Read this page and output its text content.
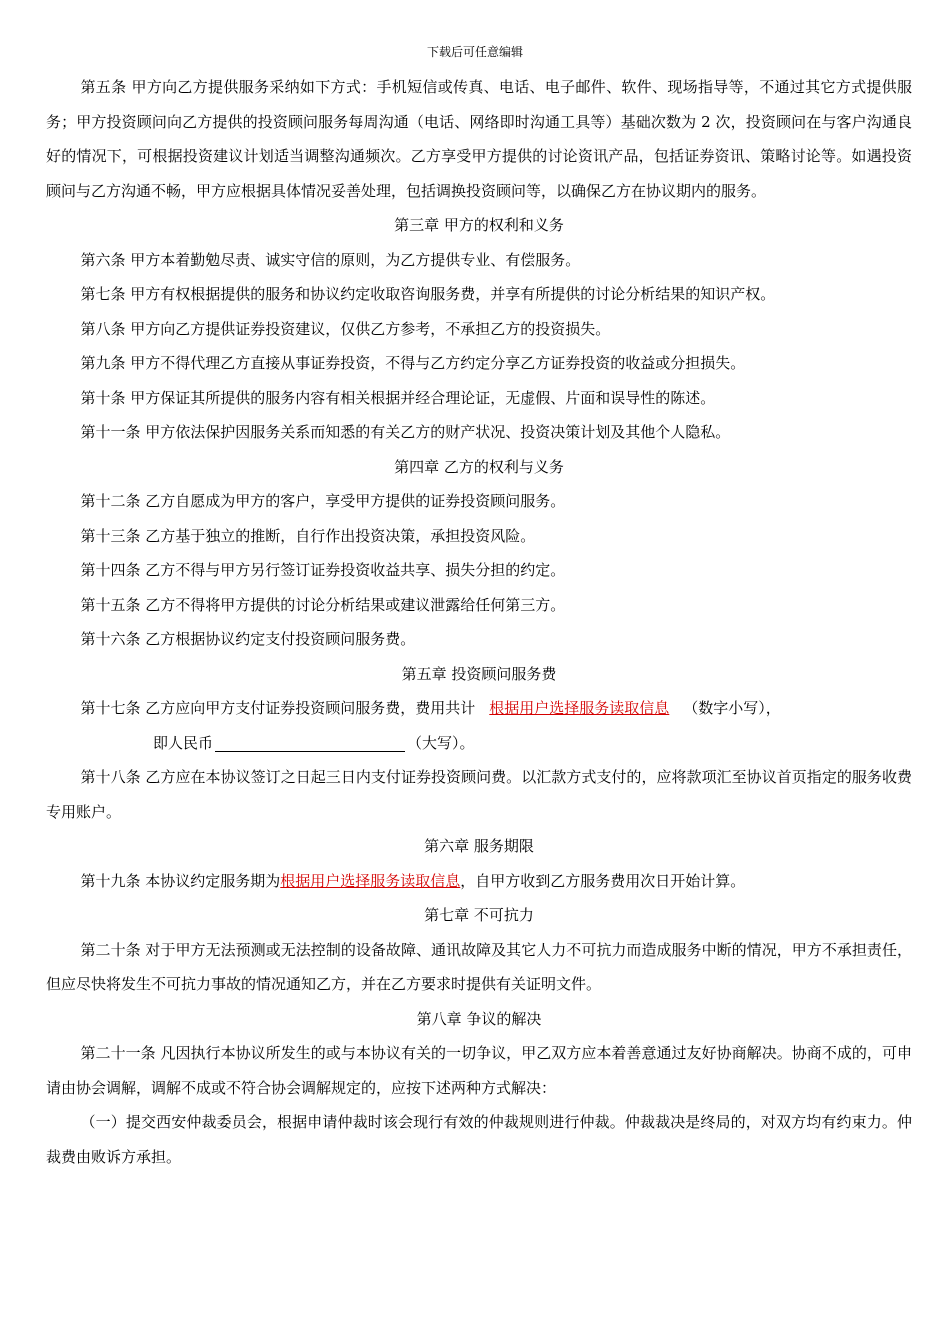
下载后可任意编辑

第五条 甲方向乙方提供服务采纳如下方式：手机短信或传真、电话、电子邮件、软件、现场指导等，不通过其它方式提供服务；甲方投资顾问向乙方提供的投资顾问服务每周沟通（电话、网络即时沟通工具等）基础次数为 2 次，投资顾问在与客户沟通良好的情况下，可根据投资建议计划适当调整沟通频次。乙方享受甲方提供的讨论资讯产品，包括证券资讯、策略讨论等。如遇投资顾问与乙方沟通不畅，甲方应根据具体情况妥善处理，包括调换投资顾问等，以确保乙方在协议期内的服务。

第三章 甲方的权利和义务

第六条 甲方本着勤勉尽责、诚实守信的原则，为乙方提供专业、有偿服务。

第七条 甲方有权根据提供的服务和协议约定收取咨询服务费，并享有所提供的讨论分析结果的知识产权。

第八条 甲方向乙方提供证券投资建议，仅供乙方参考，不承担乙方的投资损失。

第九条 甲方不得代理乙方直接从事证券投资，不得与乙方约定分享乙方证券投资的收益或分担损失。

第十条 甲方保证其所提供的服务内容有相关根据并经合理论证，无虚假、片面和误导性的陈述。

第十一条 甲方依法保护因服务关系而知悉的有关乙方的财产状况、投资决策计划及其他个人隐私。

第四章 乙方的权利与义务

第十二条 乙方自愿成为甲方的客户，享受甲方提供的证券投资顾问服务。

第十三条 乙方基于独立的推断，自行作出投资决策，承担投资风险。

第十四条 乙方不得与甲方另行签订证券投资收益共享、损失分担的约定。

第十五条 乙方不得将甲方提供的讨论分析结果或建议泄露给任何第三方。

第十六条 乙方根据协议约定支付投资顾问服务费。

第五章 投资顾问服务费

第十七条 乙方应向甲方支付证券投资顾问服务费，费用共计 根据用户选择服务读取信息 （数字小写），

即人民币	（大写）。

第十八条 乙方应在本协议签订之日起三日内支付证券投资顾问费。以汇款方式支付的，应将款项汇至协议首页指定的服务收费专用账户。

第六章 服务期限

第十九条 本协议约定服务期为根据用户选择服务读取信息，自甲方收到乙方服务费用次日开始计算。

第七章 不可抗力

第二十条 对于甲方无法预测或无法控制的设备故障、通讯故障及其它人力不可抗力而造成服务中断的情况，甲方不承担责任，但应尽快将发生不可抗力事故的情况通知乙方，并在乙方要求时提供有关证明文件。

第八章 争议的解决

第二十一条 凡因执行本协议所发生的或与本协议有关的一切争议，甲乙双方应本着善意通过友好协商解决。协商不成的，可申请由协会调解，调解不成或不符合协会调解规定的，应按下述两种方式解决：

（一）提交西安仲裁委员会，根据申请仲裁时该会现行有效的仲裁规则进行仲裁。仲裁裁决是终局的，对双方均有约束力。仲裁费由败诉方承担。
